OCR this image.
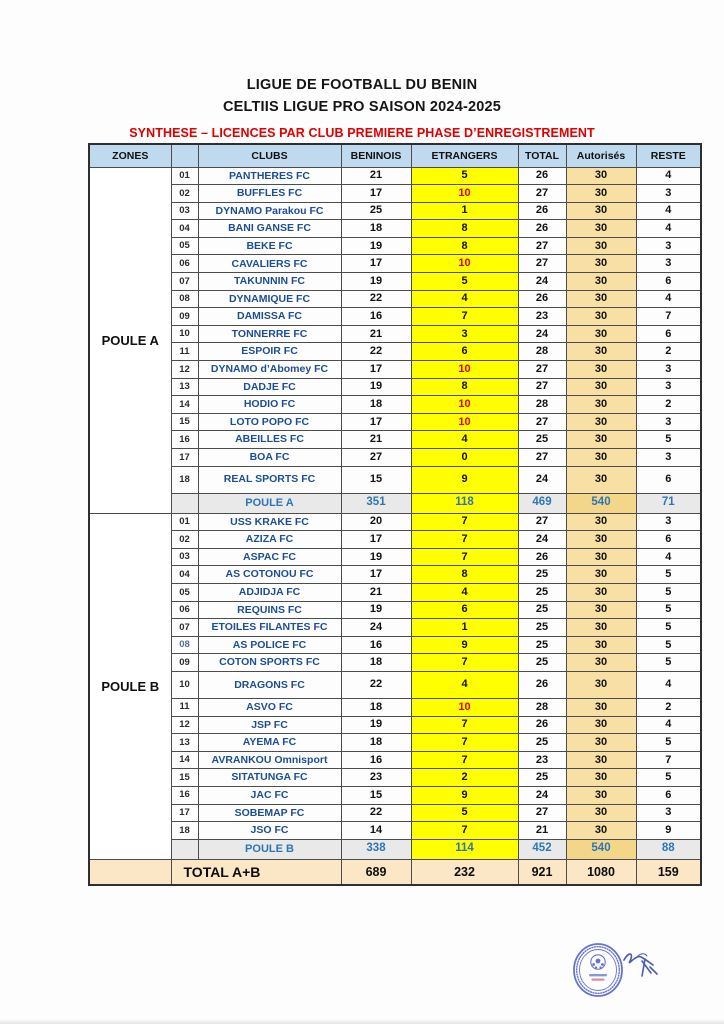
LIGUE DE FOOTBALL DU BENIN
CELTIIS LIGUE PRO SAISON 2024-2025
SYNTHESE – LICENCES PAR CLUB PREMIERE PHASE D’ENREGISTREMENT
ZONES		CLUBS	BENINOIS	ETRANGERS	TOTAL	Autorisés	RESTE
POULE A	01	PANTHERES FC	21	5	26	30	4
	02	BUFFLES FC	17	10	27	30	3
	03	DYNAMO Parakou FC	25	1	26	30	4
	04	BANI GANSE FC	18	8	26	30	4
	05	BEKE FC	19	8	27	30	3
	06	CAVALIERS FC	17	10	27	30	3
	07	TAKUNNIN FC	19	5	24	30	6
	08	DYNAMIQUE FC	22	4	26	30	4
	09	DAMISSA FC	16	7	23	30	7
	10	TONNERRE FC	21	3	24	30	6
	11	ESPOIR FC	22	6	28	30	2
	12	DYNAMO d’Abomey FC	17	10	27	30	3
	13	DADJE FC	19	8	27	30	3
	14	HODIO FC	18	10	28	30	2
	15	LOTO POPO FC	17	10	27	30	3
	16	ABEILLES FC	21	4	25	30	5
	17	BOA FC	27	0	27	30	3
	18	REAL SPORTS FC	15	9	24	30	6
		POULE A	351	118	469	540	71
POULE B	01	USS KRAKE FC	20	7	27	30	3
	02	AZIZA FC	17	7	24	30	6
	03	ASPAC FC	19	7	26	30	4
	04	AS COTONOU FC	17	8	25	30	5
	05	ADJIDJA FC	21	4	25	30	5
	06	REQUINS FC	19	6	25	30	5
	07	ETOILES FILANTES FC	24	1	25	30	5
	08	AS POLICE FC	16	9	25	30	5
	09	COTON SPORTS FC	18	7	25	30	5
	10	DRAGONS FC	22	4	26	30	4
	11	ASVO FC	18	10	28	30	2
	12	JSP FC	19	7	26	30	4
	13	AYEMA FC	18	7	25	30	5
	14	AVRANKOU Omnisport	16	7	23	30	7
	15	SITATUNGA FC	23	2	25	30	5
	16	JAC FC	15	9	24	30	6
	17	SOBEMAP FC	22	5	27	30	3
	18	JSO FC	14	7	21	30	9
		POULE B	338	114	452	540	88
	TOTAL A+B		689	232	921	1080	159
